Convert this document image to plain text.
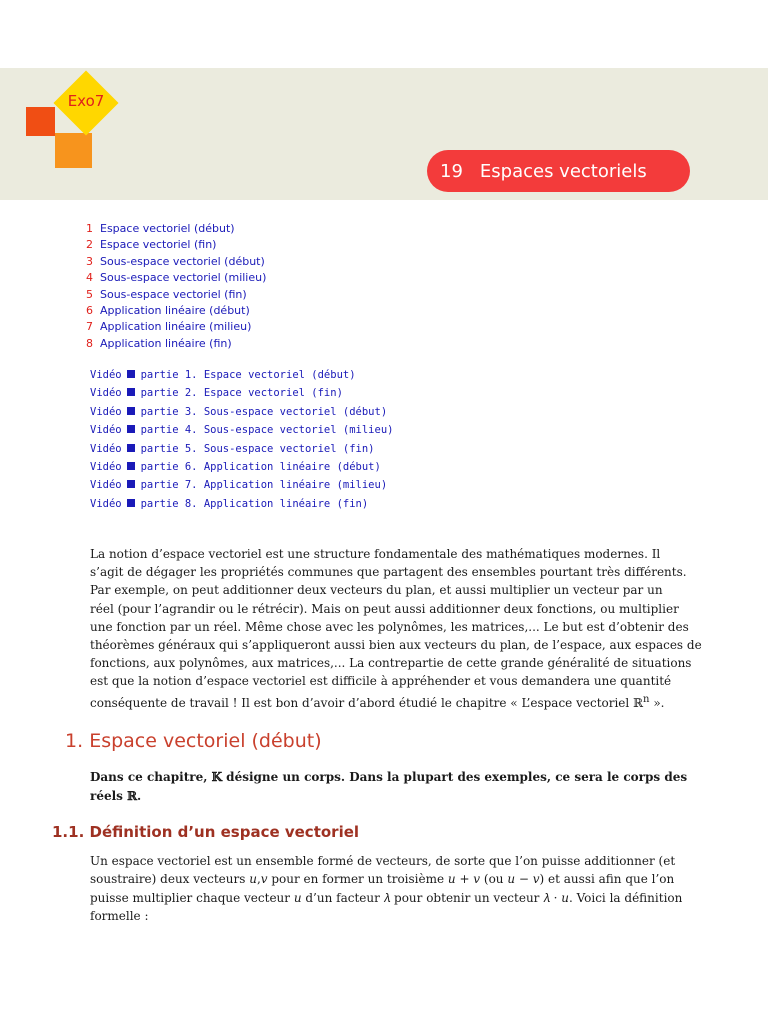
Exo7
19 Espaces vectoriels
1 Espace vectoriel (début)
2 Espace vectoriel (fin)
3 Sous-espace vectoriel (début)
4 Sous-espace vectoriel (milieu)
5 Sous-espace vectoriel (fin)
6 Application linéaire (début)
7 Application linéaire (milieu)
8 Application linéaire (fin)
Vidéo partie 1. Espace vectoriel (début)
Vidéo partie 2. Espace vectoriel (fin)
Vidéo partie 3. Sous-espace vectoriel (début)
Vidéo partie 4. Sous-espace vectoriel (milieu)
Vidéo partie 5. Sous-espace vectoriel (fin)
Vidéo partie 6. Application linéaire (début)
Vidéo partie 7. Application linéaire (milieu)
Vidéo partie 8. Application linéaire (fin)

La notion d’espace vectoriel est une structure fondamentale des mathématiques modernes. Il
s’agit de dégager les propriétés communes que partagent des ensembles pourtant très différents.
Par exemple, on peut additionner deux vecteurs du plan, et aussi multiplier un vecteur par un
réel (pour l’agrandir ou le rétrécir). Mais on peut aussi additionner deux fonctions, ou multiplier
une fonction par un réel. Même chose avec les polynômes, les matrices,... Le but est d’obtenir des
théorèmes généraux qui s’appliqueront aussi bien aux vecteurs du plan, de l’espace, aux espaces de
fonctions, aux polynômes, aux matrices,... La contrepartie de cette grande généralité de situations
est que la notion d’espace vectoriel est difficile à appréhender et vous demandera une quantité
conséquente de travail ! Il est bon d’avoir d’abord étudié le chapitre « L’espace vectoriel ℝ$^n$ ».

1. Espace vectoriel (début)

Dans ce chapitre, 𝕂 désigne un corps. Dans la plupart des exemples, ce sera le corps des réels ℝ.

1.1. Définition d’un espace vectoriel

Un espace vectoriel est un ensemble formé de vecteurs, de sorte que l’on puisse additionner (et
soustraire) deux vecteurs 𝑢,𝑣 pour en former un troisième 𝑢 + 𝑣 (ou 𝑢 − 𝑣) et aussi afin que l’on
puisse multiplier chaque vecteur 𝑢 d’un facteur 𝜆 pour obtenir un vecteur 𝜆 · 𝑢. Voici la définition
formelle :
